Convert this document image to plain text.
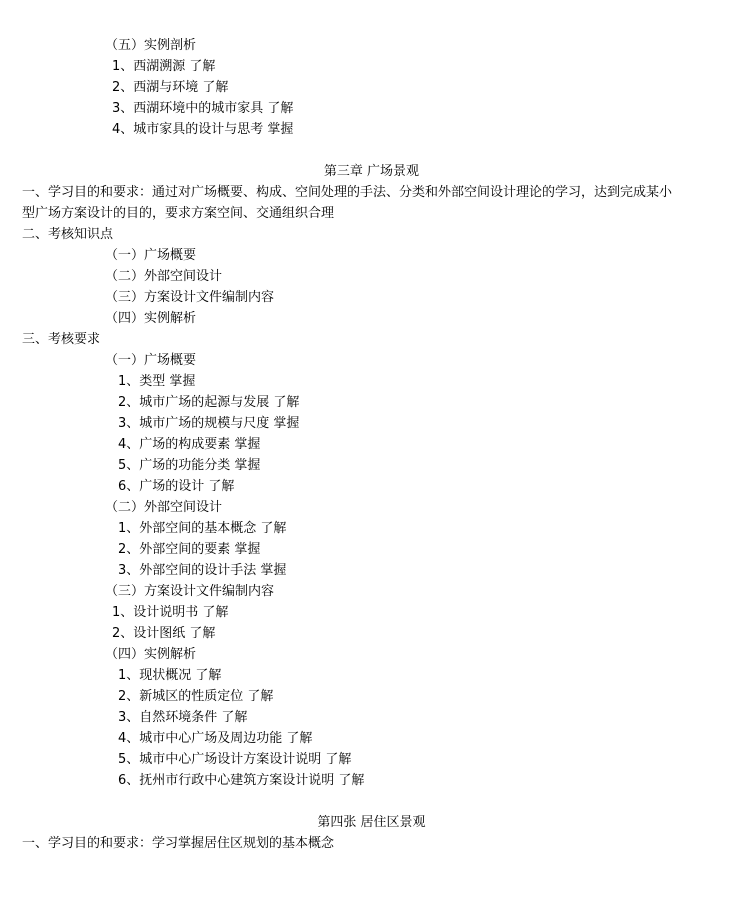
（五）实例剖析
1、西湖溯源 了解
2、西湖与环境 了解
3、西湖环境中的城市家具 了解
4、城市家具的设计与思考 掌握
第三章 广场景观
一、学习目的和要求：通过对广场概要、构成、空间处理的手法、分类和外部空间设计理论的学习，达到完成某小
型广场方案设计的目的，要求方案空间、交通组织合理
二、考核知识点
（一）广场概要
（二）外部空间设计
（三）方案设计文件编制内容
（四）实例解析
三、考核要求
（一）广场概要
1、类型 掌握
2、城市广场的起源与发展 了解
3、城市广场的规模与尺度 掌握
4、广场的构成要素 掌握
5、广场的功能分类 掌握
6、广场的设计 了解
（二）外部空间设计
1、外部空间的基本概念 了解
2、外部空间的要素 掌握
3、外部空间的设计手法 掌握
（三）方案设计文件编制内容
1、设计说明书 了解
2、设计图纸 了解
（四）实例解析
1、现状概况 了解
2、新城区的性质定位 了解
3、自然环境条件 了解
4、城市中心广场及周边功能 了解
5、城市中心广场设计方案设计说明 了解
6、抚州市行政中心建筑方案设计说明 了解
第四张 居住区景观
一、学习目的和要求：学习掌握居住区规划的基本概念
